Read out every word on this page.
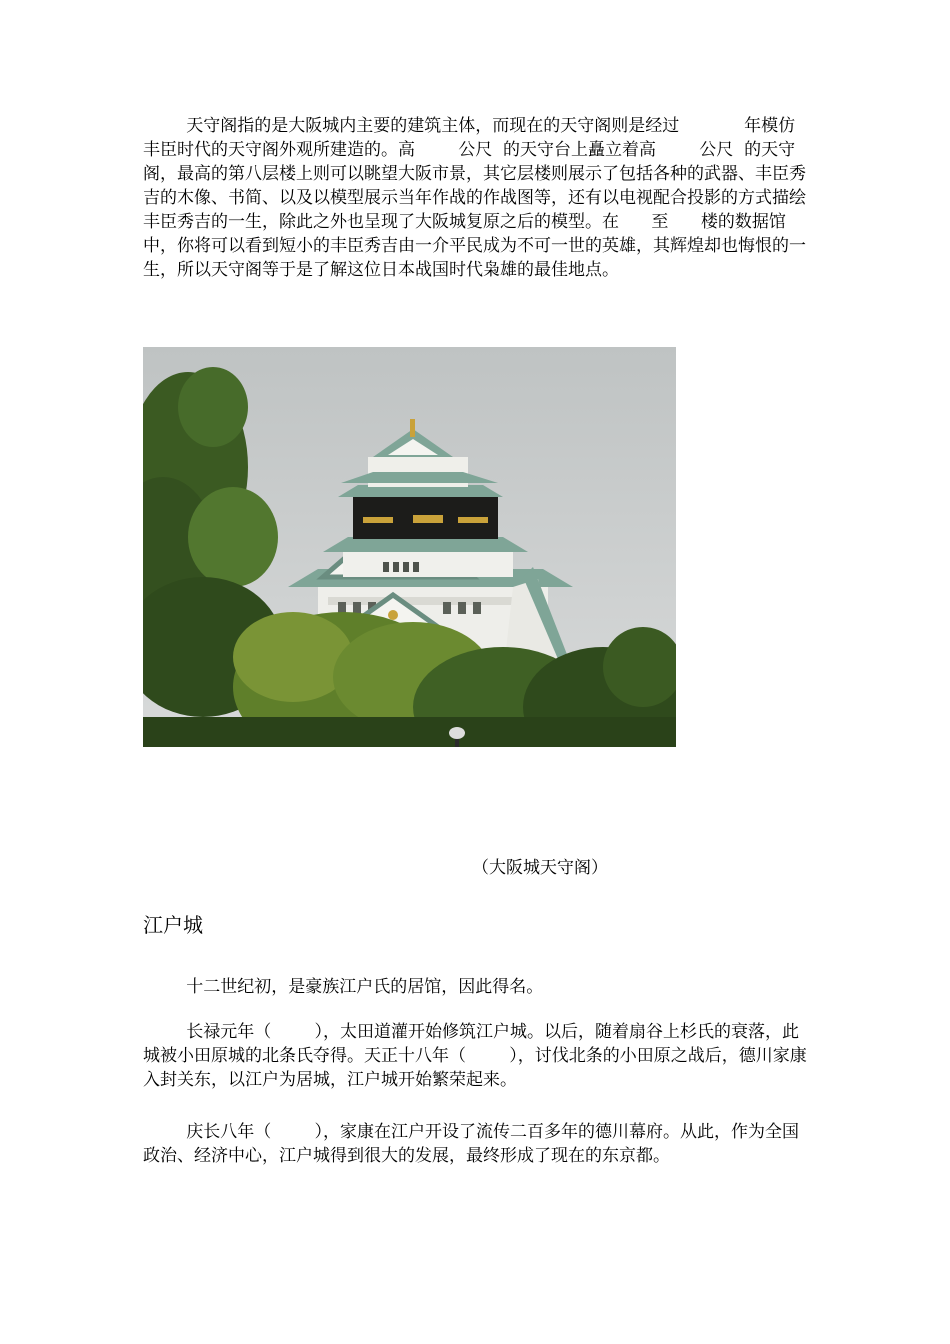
天守阁指的是大阪城内主要的建筑主体，而现在的天守阁则是经过            年模仿丰臣时代的天守阁外观所建造的。高        公尺  的天守台上矗立着高        公尺  的天守阁，最高的第八层楼上则可以眺望大阪市景，其它层楼则展示了包括各种的武器、丰臣秀吉的木像、书简、以及以模型展示当年作战的作战图等，还有以电视配合投影的方式描绘丰臣秀吉的一生，除此之外也呈现了大阪城复原之后的模型。在      至      楼的数据馆中，你将可以看到短小的丰臣秀吉由一介平民成为不可一世的英雄，其辉煌却也悔恨的一生，所以天守阁等于是了解这位日本战国时代枭雄的最佳地点。

（大阪城天守阁）

江户城

十二世纪初，是豪族江户氏的居馆，因此得名。

长禄元年（        ），太田道灌开始修筑江户城。以后，随着扇谷上杉氏的衰落，此城被小田原城的北条氏夺得。天正十八年（        ），讨伐北条的小田原之战后，德川家康入封关东，以江户为居城，江户城开始繁荣起来。

庆长八年（        ），家康在江户开设了流传二百多年的德川幕府。从此，作为全国政治、经济中心，江户城得到很大的发展，最终形成了现在的东京都。
